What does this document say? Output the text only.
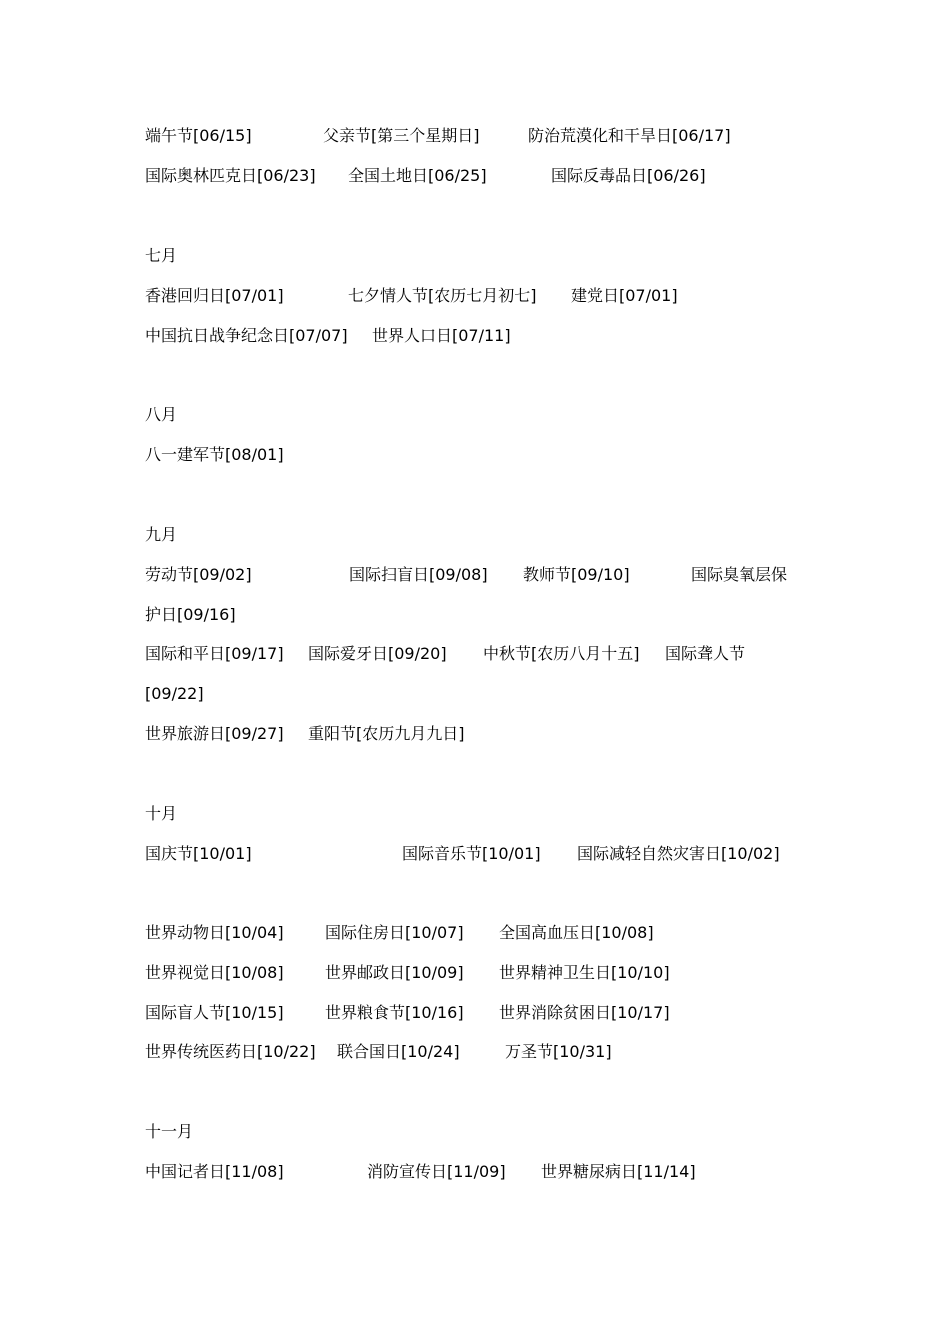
端午节[06/15]	父亲节[第三个星期日]	防治荒漠化和干旱日[06/17]
国际奥林匹克日[06/23] 全国土地日[06/25]	国际反毒品日[06/26]
七月
香港回归日[07/01]	七夕情人节[农历七月初七] 建党日[07/01]
中国抗日战争纪念日[07/07] 世界人口日[07/11]
八月
八一建军节[08/01]
九月
劳动节[09/02]	国际扫盲日[09/08] 教师节[09/10]	国际臭氧层保
护日[09/16]
国际和平日[09/17] 国际爱牙日[09/20] 中秋节[农历八月十五] 国际聋人节
[09/22]
世界旅游日[09/27] 重阳节[农历九月九日]
十月
国庆节[10/01]	国际音乐节[10/01] 国际减轻自然灾害日[10/02]
世界动物日[10/04]	国际住房日[10/07] 全国高血压日[10/08]
世界视觉日[10/08]	世界邮政日[10/09] 世界精神卫生日[10/10]
国际盲人节[10/15]	世界粮食节[10/16] 世界消除贫困日[10/17]
世界传统医药日[10/22] 联合国日[10/24]	万圣节[10/31]
十一月
中国记者日[11/08]	消防宣传日[11/09] 世界糖尿病日[11/14]
